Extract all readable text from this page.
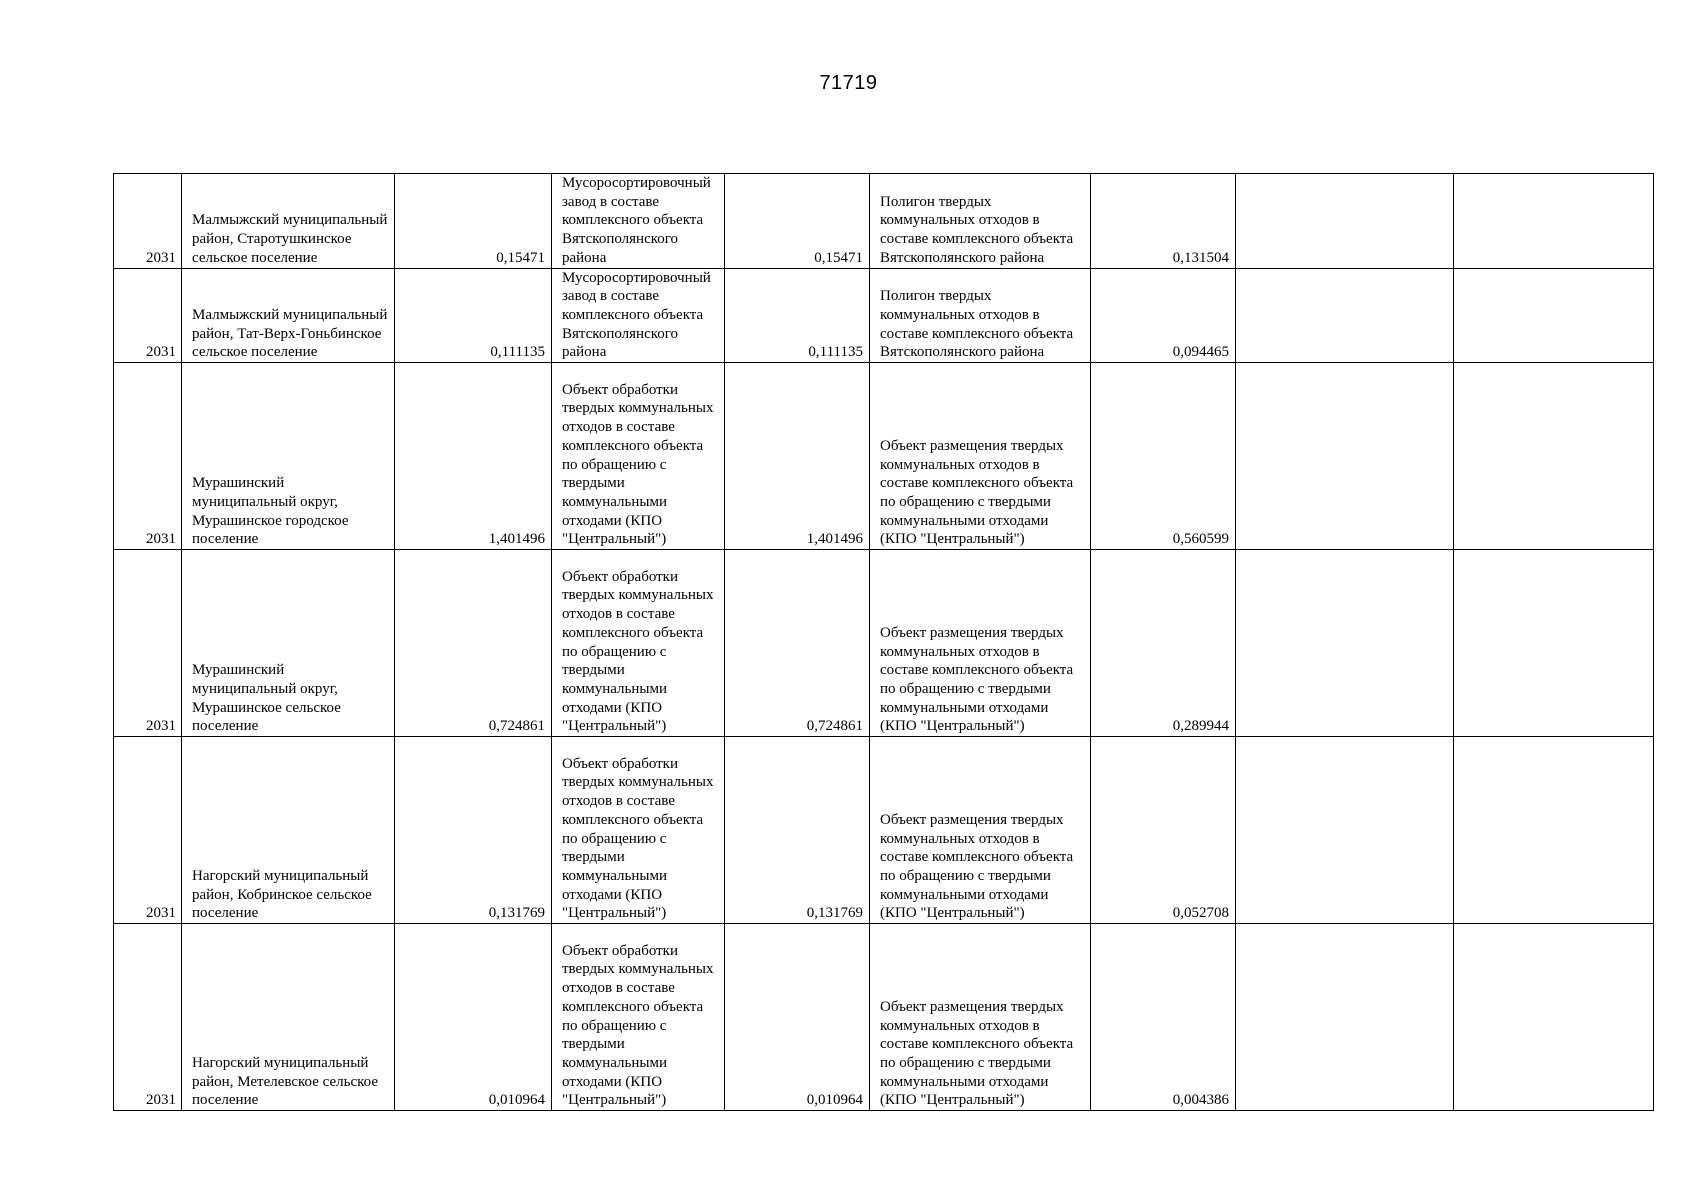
71719
2031	Малмыжский муниципальный район, Старотушкинское сельское поселение	0,15471	Мусоросортировочный завод в составе комплексного объекта Вятскополянского района	0,15471	Полигон твердых коммунальных отходов в составе комплексного объекта Вятскополянского района	0,131504		
2031	Малмыжский муниципальный район, Тат-Верх-Гоньбинское сельское поселение	0,111135	Мусоросортировочный завод в составе комплексного объекта Вятскополянского района	0,111135	Полигон твердых коммунальных отходов в составе комплексного объекта Вятскополянского района	0,094465		
2031	Мурашинский муниципальный округ, Мурашинское городское поселение	1,401496	Объект обработки твердых коммунальных отходов в составе комплексного объекта по обращению с твердыми коммунальными отходами (КПО "Центральный")	1,401496	Объект размещения твердых коммунальных отходов в составе комплексного объекта по обращению с твердыми коммунальными отходами (КПО "Центральный")	0,560599		
2031	Мурашинский муниципальный округ, Мурашинское сельское поселение	0,724861	Объект обработки твердых коммунальных отходов в составе комплексного объекта по обращению с твердыми коммунальными отходами (КПО "Центральный")	0,724861	Объект размещения твердых коммунальных отходов в составе комплексного объекта по обращению с твердыми коммунальными отходами (КПО "Центральный")	0,289944		
2031	Нагорский муниципальный район, Кобринское сельское поселение	0,131769	Объект обработки твердых коммунальных отходов в составе комплексного объекта по обращению с твердыми коммунальными отходами (КПО "Центральный")	0,131769	Объект размещения твердых коммунальных отходов в составе комплексного объекта по обращению с твердыми коммунальными отходами (КПО "Центральный")	0,052708		
2031	Нагорский муниципальный район, Метелевское сельское поселение	0,010964	Объект обработки твердых коммунальных отходов в составе комплексного объекта по обращению с твердыми коммунальными отходами (КПО "Центральный")	0,010964	Объект размещения твердых коммунальных отходов в составе комплексного объекта по обращению с твердыми коммунальными отходами (КПО "Центральный")	0,004386		
